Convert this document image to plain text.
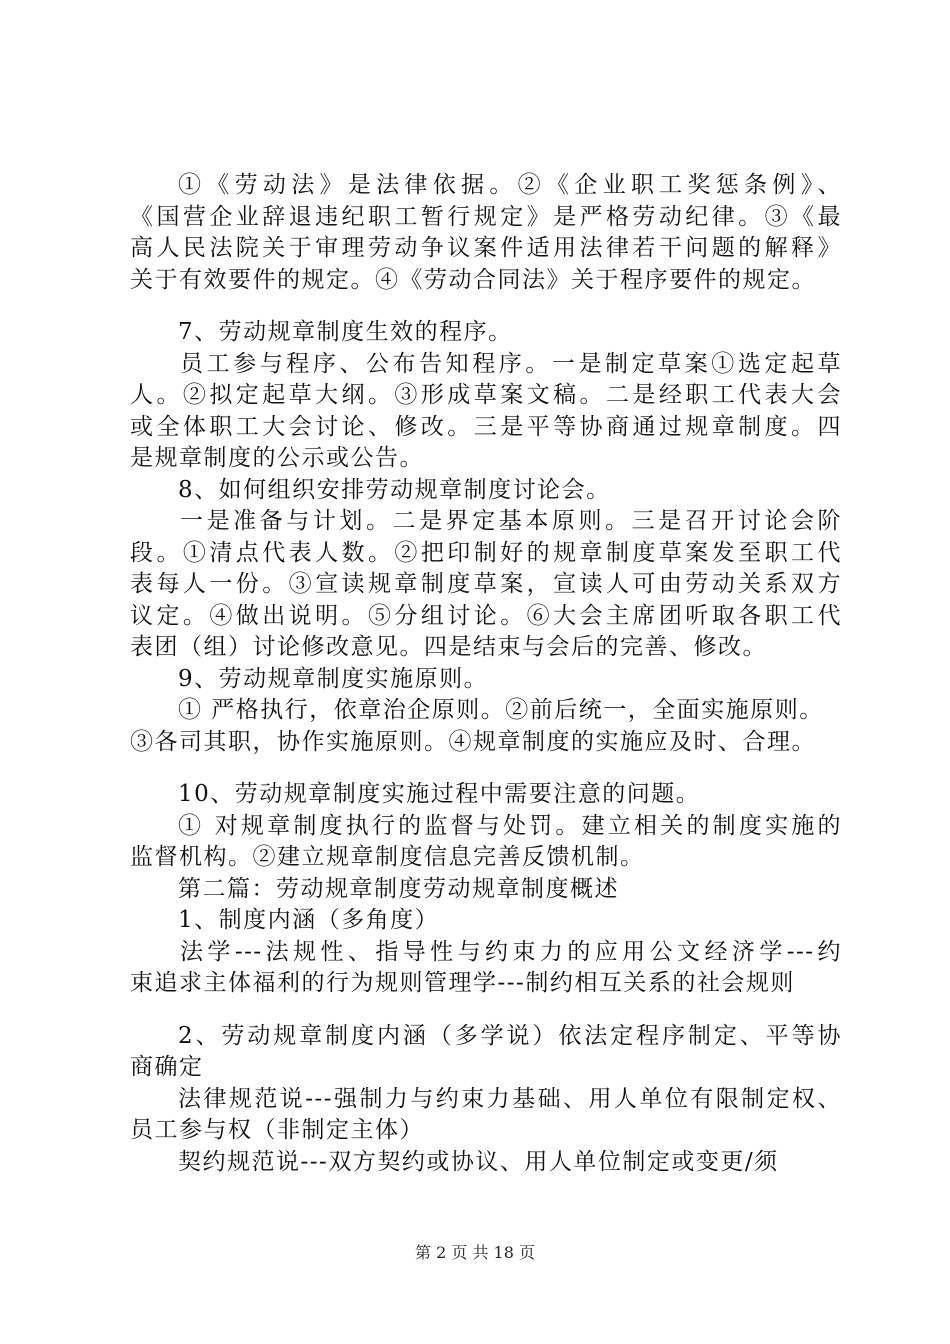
①《劳动法》是法律依据。②《企业职工奖惩条例》、
《国营企业辞退违纪职工暂行规定》是严格劳动纪律。③《最
高人民法院关于审理劳动争议案件适用法律若干问题的解释》
关于有效要件的规定。④《劳动合同法》关于程序要件的规定。
7、劳动规章制度生效的程序。
员工参与程序、公布告知程序。一是制定草案①选定起草
人。②拟定起草大纲。③形成草案文稿。二是经职工代表大会
或全体职工大会讨论、修改。三是平等协商通过规章制度。四
是规章制度的公示或公告。
8、如何组织安排劳动规章制度讨论会。
一是准备与计划。二是界定基本原则。三是召开讨论会阶
段。①清点代表人数。②把印制好的规章制度草案发至职工代
表每人一份。③宣读规章制度草案，宣读人可由劳动关系双方
议定。④做出说明。⑤分组讨论。⑥大会主席团听取各职工代
表团（组）讨论修改意见。四是结束与会后的完善、修改。
9、劳动规章制度实施原则。
① 严格执行，依章治企原则。②前后统一，全面实施原则。
③各司其职，协作实施原则。④规章制度的实施应及时、合理。
10、劳动规章制度实施过程中需要注意的问题。
① 对规章制度执行的监督与处罚。建立相关的制度实施的
监督机构。②建立规章制度信息完善反馈机制。
第二篇：劳动规章制度劳动规章制度概述
1、制度内涵（多角度）
法学---法规性、指导性与约束力的应用公文经济学---约
束追求主体福利的行为规则管理学---制约相互关系的社会规则
2、劳动规章制度内涵（多学说）依法定程序制定、平等协
商确定
法律规范说---强制力与约束力基础、用人单位有限制定权、
员工参与权（非制定主体）
契约规范说---双方契约或协议、用人单位制定或变更/须
第 2 页 共 18 页
